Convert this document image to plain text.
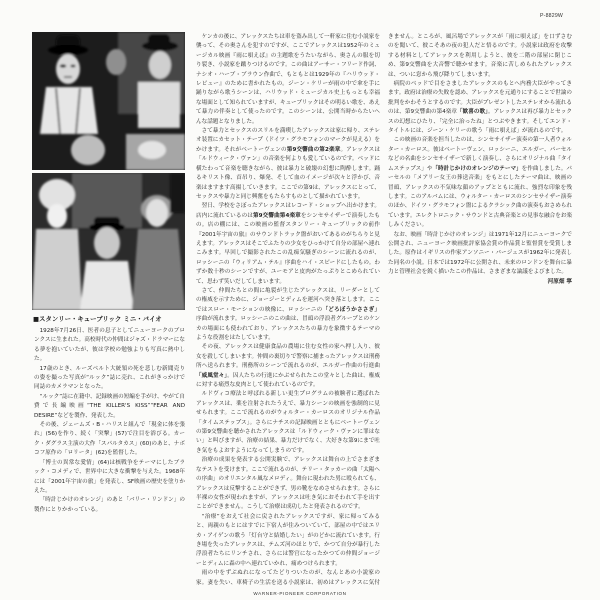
P-8829W
■スタンリー・キューブリック ミニ・バイオ

1928年7月26日、医者の息子としてニューヨークのブロンクスに生まれた。高校時代の仲間はジャズ・ドラマーになる夢を抱いていたが、彼は学校の勉強よりも写真に熱中した。

17歳のとき、ルーズベルト大統領の死を悲しむ新聞売りの姿を撮った写真が“ルック”誌に売れ、これがきっかけで同誌のカメラマンとなった。

“ルック”誌に在籍中、記録映画の短編を手がけ、やがて自費で長編映画“THE KILLER'S KISS”“FEAR AND DESIRE”などを製作、発表した。

その後、ジェームズ・B・ハリスと組んで「現金に体を張れ」(56)を作り、続く「突撃」(57)で注目を浴びる。カーク・ダグラス主演の大作「スパルタカス」(60)のあと、ナボコフ原作の「ロリータ」(62)を監督した。

「博士の異常な愛情」(64)は核戦争をテーマにしたブラック・コメディで、世界中に大きな衝撃を与えた。1968年には「2001年宇宙の旅」を発表し、SF映画の歴史を塗りかえた。

「時計じかけのオレンジ」のあと「バリー・リンドン」の製作にとりかかっている。

ケンカの後に、アレックスたちは車を盗み出して一軒家に住む小説家を襲って、その奥さんを犯すのですが、ここでアレックスは1952年のミュージカル映画『雨に唄えば』の主題歌をうたいながら、奥さんの服を切り裂き、小説家を蹴りつけるのです。この曲はアーサー・フリード作詞、ナシオ・ハーブ・ブラウン作曲で、もともとは1929年の『ハリウッド・レビュー』のために書かれたもの。ジーン・ケリーが雨の中で傘を手に踊りながら歌うシーンは、ハリウッド・ミュージカル史上もっとも幸福な場面として知られていますが、キューブリックはその明るい歌を、あえて暴力の伴奏として使ったのです。このシーンは、公開当時からたいへんな話題となりました。

さて暴力とセックスのスリルを満喫したアレックスは家に帰り、ステレオ装置にカセット・テープ（ドイツ・グラモフォンのマークが見える）をかけます。それがベートーヴェンの第9交響曲の第2楽章。アレックスは「ルドウィーク・ヴァン」の音楽を何よりも愛しているのです。ベッドに横たわって音楽を聴きながら、彼は暴力と破壊の幻想に陶酔します。踊るキリスト像、首吊り、爆発、そして血のイメージが次々と浮かび、音楽はますます高揚していきます。ここでの第9は、アレックスにとって、セックスや暴力と同じ興奮をもたらすものとして描かれています。

翌日、学校をさぼったアレックスはレコード・ショップへ出かけます。店内に流れているのは第9交響曲第4楽章をシンセサイザーで演奏したもの。店の棚には、この映画の監督スタンリー・キューブリックの前作『2001年宇宙の旅』のサウンドトラック盤がおいてあるのがちらりと見えます。アレックスはそこでふたりの少女をひっかけて自分の部屋へ連れこみます。早回しで撮影されたこの乱痴気騒ぎのシーンに流れるのが、ロッシーニの『ウィリアム・テル』序曲をハイ・スピードにしたもの。わずか数十秒のシーンですが、ユーモアと皮肉がたっぷりとこめられていて、思わず笑いだしてしまいます。

さて、仲間たちとの間に亀裂が生じたアレックスは、リーダーとしての権威を示すために、ジョージーとディムを運河へ突き落とします。ここではスロー・モーションの映像に、ロッシーニの「どろぼうかささぎ」序曲が流れます。ロッシーニのこの曲は、冒頭の浮浪者グループとのケンカの場面にも使われており、アレックスたちの暴力を象徴するテーマのような役割をはたしています。

その夜、アレックスは健康食品の農場に住む女性の家へ押し入り、彼女を殺してしまいます。仲間の裏切りで警察に捕まったアレックスは刑務所へ送られます。刑務所のシーンで流れるのが、エルガー作曲の行進曲「威風堂々」。囚人たちの行進にかぶせられたこの堂々とした曲は、権威に対する痛烈な皮肉として使われているのです。

ルドヴィコ療法と呼ばれる新しい更生プログラムの被験者に選ばれたアレックスは、薬を注射されたうえで、暴力シーンの映画を強制的に見せられます。ここで流れるのがウォルター・カーロスのオリジナル作品「タイムステップス」。さらにナチスの記録映画とともにベートーヴェンの第9交響曲を聴かされたアレックスは「ルドウィーク・ヴァンに罪はない」と叫びますが、治療の結果、暴力だけでなく、大好きな第9にまで吐き気をもよおすようになってしまうのです。

治療の成果を発表する公開実験で、アレックスは舞台の上でさまざまなテストを受けます。ここで流れるのが、テリー・タッカーの曲「太陽への序曲」のオリエンタル風なメロディ。舞台に現われた男に殴られても、アレックスは反撃することができず、男の靴をなめさせられます。さらに半裸の女性が現われますが、アレックスは吐き気におそわれて手を出すことができません。こうして治療は成功したと発表されるのです。

“治療”をおえて社会に戻されたアレックスですが、家に帰ってみると、両親のもとにはすでに下宿人が住みついていて、部屋の中ではエリカ・アイゲンの歌う「灯台守と結婚したい」がのどかに流れています。行き場を失ったアレックスは、テムズ河のほとりで、かつて自分が暴行した浮浪者たちにリンチされ、さらには警官になったかつての仲間ジョージーとディムに森の中へ連れていかれ、痛めつけられます。

雨の中をずぶぬれになってたどりついたのが、なんとあの小説家の家。妻を失い、車椅子の生活を送る小説家は、初めはアレックスに気付きません。ところが、風呂場でアレックスが「雨に唄えば」を口ずさむのを聞いて、彼こそあの夜の犯人だと悟るのです。小説家は政府を攻撃する材料としてアレックスを利用しようと、彼を二階の部屋に閉じこめ、第9交響曲を大音響で聴かせます。音楽に苦しめられたアレックスは、ついに窓から飛び降りてしまいます。

病院のベッドで目をさましたアレックスのもとへ内務大臣がやってきます。政府は治療の失敗を認め、アレックスを元通りにすることで世論の批判をかわそうとするのです。大臣がプレゼントしたステレオから流れるのは、第9交響曲の第4楽章「歓喜の歌」。アレックスは再び暴力とセックスの幻想にひたり、「完全に治ったね」とつぶやきます。そしてエンド・タイトルには、ジーン・ケリーの歌う「雨に唄えば」が流れるのです。

この映画の音楽を担当したのは、シンセサイザー演奏の第一人者ウォルター・カーロス。彼はベートーヴェン、ロッシーニ、エルガー、パーセルなどの名曲をシンセサイザーで新しく演奏し、さらにオリジナル曲「タイムステップス」や「時計じかけのオレンジのテーマ」を作曲しました。パーセルの「メアリー女王の葬送音楽」をもとにしたテーマ曲は、映画の冒頭、アレックスの不気味な顔のアップとともに流れ、強烈な印象を残します。このアルバムには、ウォルター・カーロスのシンセサイザー演奏のほか、ドイツ・グラモフォン盤によるクラシック曲の演奏もおさめられています。エレクトロニック・サウンドと古典音楽との見事な融合をお楽しみください。

なお、映画「時計じかけのオレンジ」は1971年12月にニューヨークで公開され、ニューヨーク映画批評家協会賞の作品賞と監督賞を受賞しました。原作はイギリスの作家アンソニー・バージェスが1962年に発表した同名の小説。日本では1972年に公開され、未来のロンドンを舞台に暴力と管理社会を鋭く描いたこの作品は、さまざまな論議をよびました。

河原畑 寧

WARNER-PIONEER CORPORATION
